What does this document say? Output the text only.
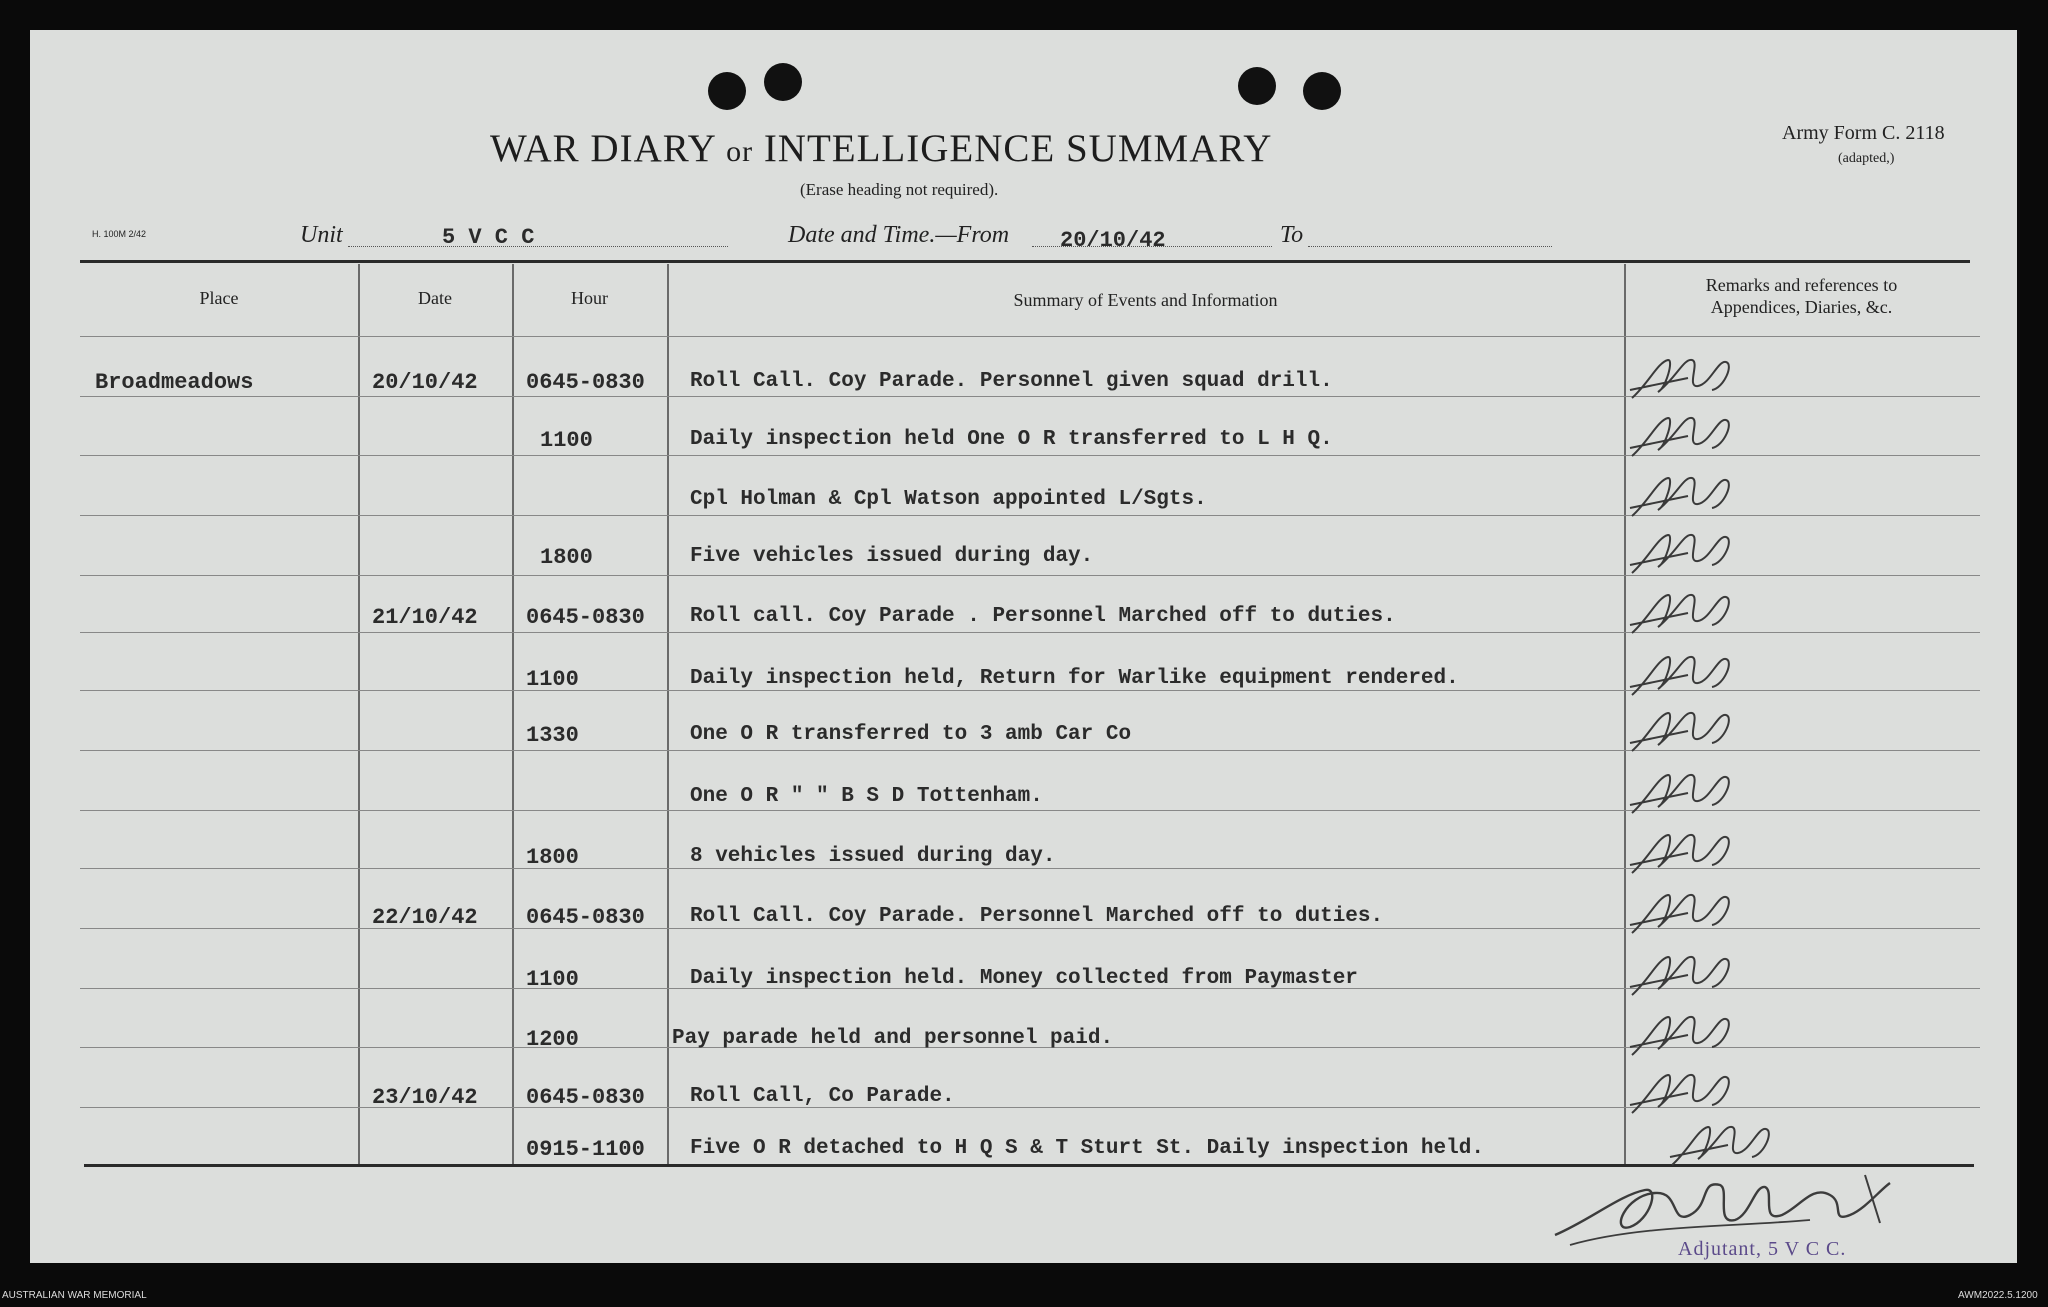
WAR DIARY or INTELLIGENCE SUMMARY
(Erase heading not required).
Army Form C. 2118
(adapted,)
H. 100M 2/42	Unit	5 V C C	Date and Time.—From 20/10/42	To
Place	Date	Hour	Summary of Events and Information
Remarks and references to
Appendices, Diaries, &c.
Broadmeadows	20/10/42 0645-0830 Roll Call. Coy Parade. Personnel given squad drill.
1100	Daily inspection held One O R transferred to L H Q.
Cpl Holman & Cpl Watson appointed L/Sgts.
1800	Five vehicles issued during day.
21/10/42 0645-0830 Roll call. Coy Parade . Personnel Marched off to duties.
1100	Daily inspection held, Return for Warlike equipment rendered.
1330	One O R transferred to 3 amb Car Co
One O R " " B S D Tottenham.
1800	8 vehicles issued during day.
22/10/42 0645-0830 Roll Call. Coy Parade. Personnel Marched off to duties.
1100	Daily inspection held. Money collected from Paymaster
1200	Pay parade held and personnel paid.
23/10/42 0645-0830 Roll Call, Co Parade.
0915-1100 Five O R detached to H Q S & T Sturt St. Daily inspection held.
Adjutant, 5 V C C.
AUSTRALIAN WAR MEMORIAL	AWM2022.5.1200
